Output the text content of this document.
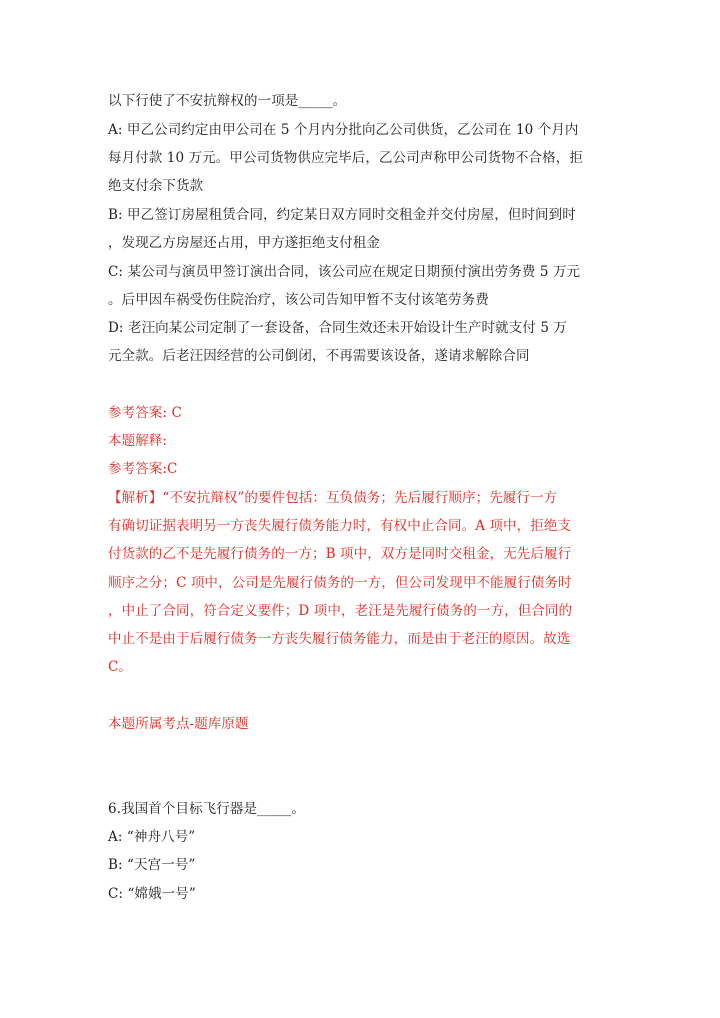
以下行使了不安抗辩权的一项是_____。
A: 甲乙公司约定由甲公司在 5 个月内分批向乙公司供货，乙公司在 10 个月内
每月付款 10 万元。甲公司货物供应完毕后，乙公司声称甲公司货物不合格，拒
绝支付余下货款
B: 甲乙签订房屋租赁合同，约定某日双方同时交租金并交付房屋，但时间到时
，发现乙方房屋还占用，甲方遂拒绝支付租金
C: 某公司与演员甲签订演出合同，该公司应在规定日期预付演出劳务费 5 万元
。后甲因车祸受伤住院治疗，该公司告知甲暂不支付该笔劳务费
D: 老汪向某公司定制了一套设备，合同生效还未开始设计生产时就支付 5 万
元全款。后老汪因经营的公司倒闭，不再需要该设备，遂请求解除合同
参考答案: C
本题解释:
参考答案:C
【解析】“不安抗辩权”的要件包括：互负债务；先后履行顺序；先履行一方
有确切证据表明另一方丧失履行债务能力时，有权中止合同。A 项中，拒绝支
付货款的乙不是先履行债务的一方；B 项中，双方是同时交租金，无先后履行
顺序之分；C 项中，公司是先履行债务的一方，但公司发现甲不能履行债务时
，中止了合同，符合定义要件；D 项中，老汪是先履行债务的一方，但合同的
中止不是由于后履行债务一方丧失履行债务能力，而是由于老汪的原因。故选
C。
本题所属考点-题库原题
6.我国首个目标飞行器是_____。
A: “神舟八号”
B: “天宫一号”
C: “嫦娥一号”
